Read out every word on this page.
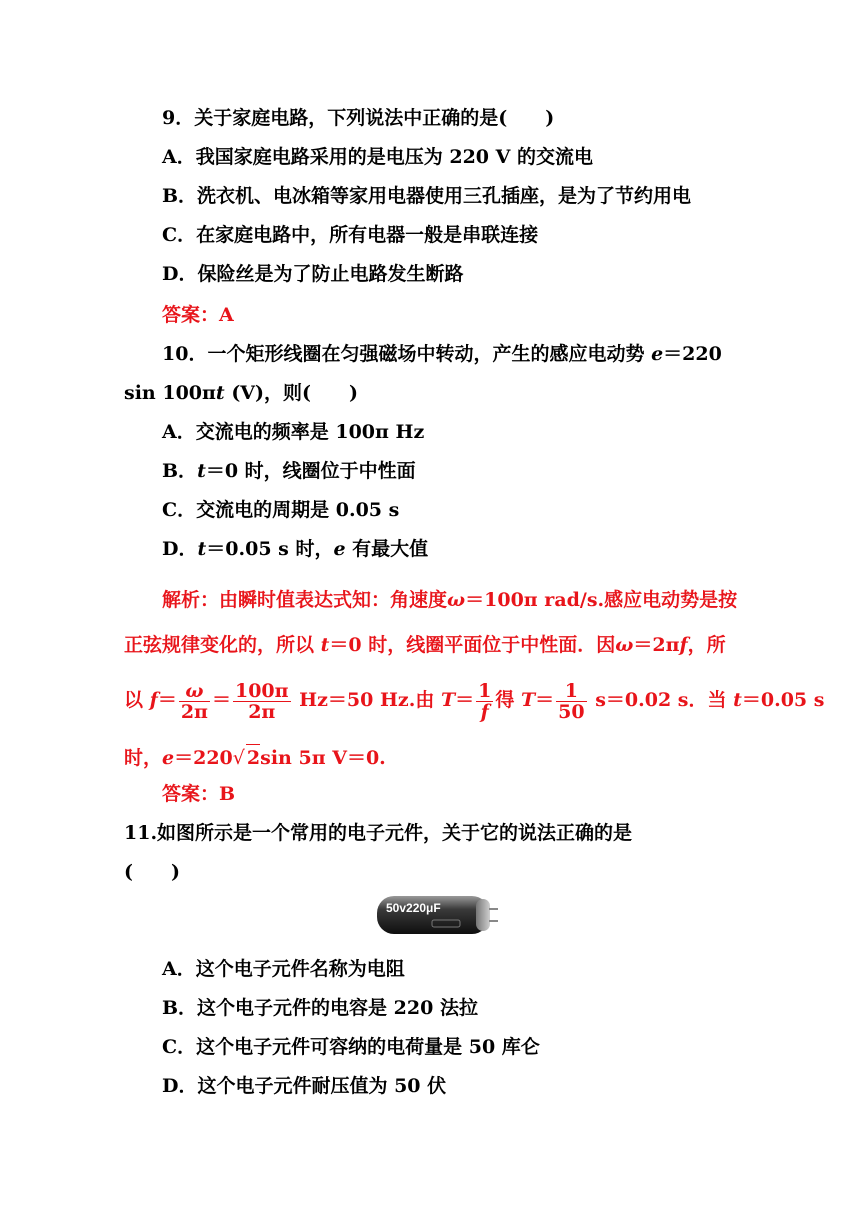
9．关于家庭电路，下列说法中正确的是(　　)
A．我国家庭电路采用的是电压为 220 V 的交流电
B．洗衣机、电冰箱等家用电器使用三孔插座，是为了节约用电
C．在家庭电路中，所有电器一般是串联连接
D．保险丝是为了防止电路发生断路
答案：A
10．一个矩形线圈在匀强磁场中转动，产生的感应电动势 e＝220
sin 100πt (V)，则(　　)
A．交流电的频率是 100π Hz
B．t＝0 时，线圈位于中性面
C．交流电的周期是 0.05 s
D．t＝0.05 s 时，e 有最大值
解析：由瞬时值表达式知：角速度ω＝100π rad/s.感应电动势是按
正弦规律变化的，所以 t＝0 时，线圈平面位于中性面．因ω＝2πf，所
以 $f= \frac{\omega}{2\pi} = \frac{100\pi}{2\pi} Hz=50$ Hz.由 $T= \frac{1}{f}$ 得 $T= \frac{1}{50} s=0.02$ s．当 t＝0.05 s
时，e＝220√ 2sin 5π V＝0.
答案：B
11.如图所示是一个常用的电子元件，关于它的说法正确的是
(　　)
50v220μF
A．这个电子元件名称为电阻
B．这个电子元件的电容是 220 法拉
C．这个电子元件可容纳的电荷量是 50 库仑
D．这个电子元件耐压值为 50 伏
